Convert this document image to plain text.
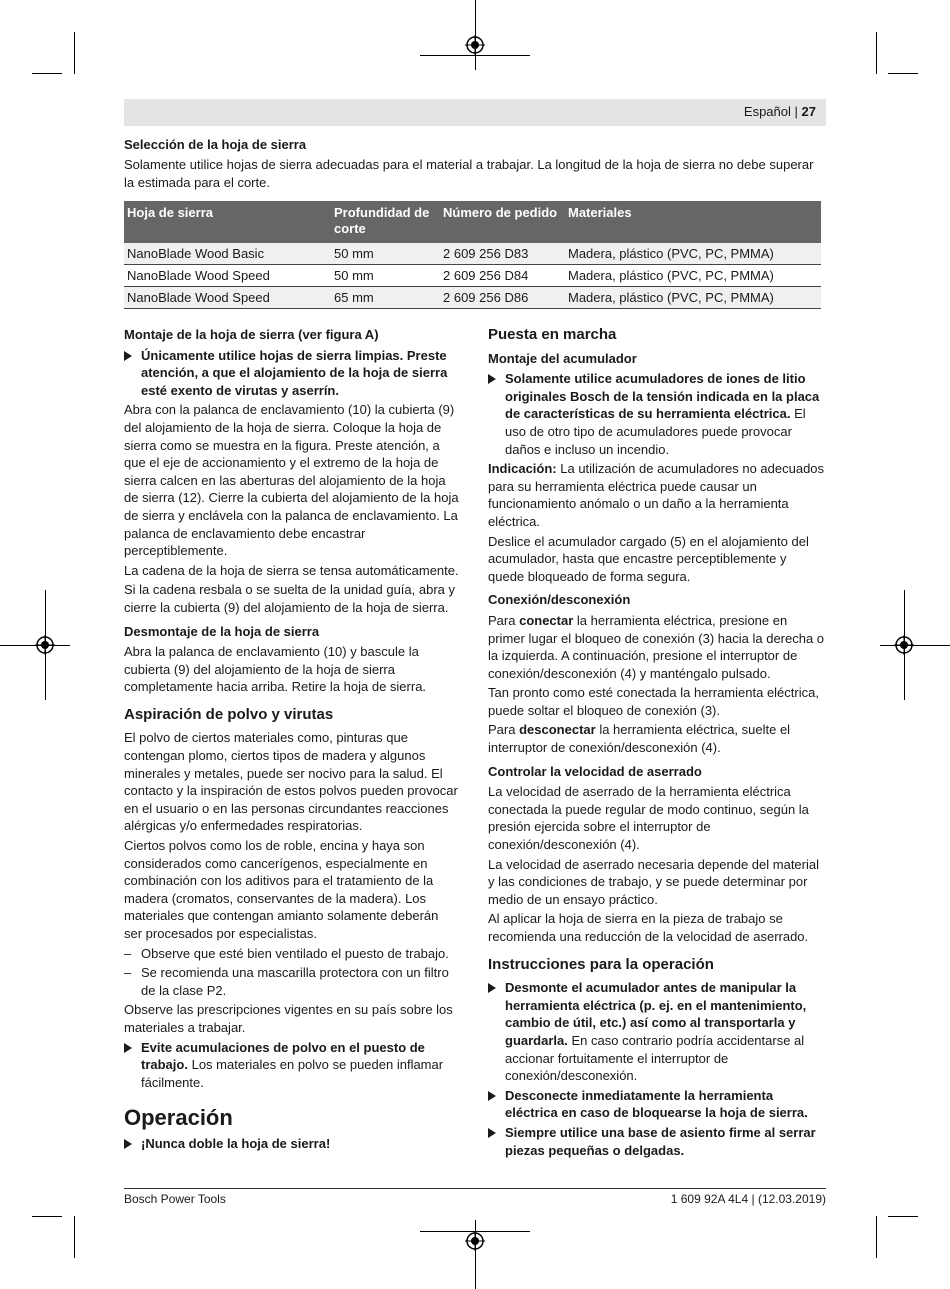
Español | 27
Selección de la hoja de sierra
Solamente utilice hojas de sierra adecuadas para el material a trabajar. La longitud de la hoja de sierra no debe superar la estimada para el corte.
Hoja de sierra	Profundidad de corte	Número de pedido	Materiales
NanoBlade Wood Basic	50 mm	2 609 256 D83	Madera, plástico (PVC, PC, PMMA)
NanoBlade Wood Speed	50 mm	2 609 256 D84	Madera, plástico (PVC, PC, PMMA)
NanoBlade Wood Speed	65 mm	2 609 256 D86	Madera, plástico (PVC, PC, PMMA)

Montaje de la hoja de sierra (ver figura A)

Únicamente utilice hojas de sierra limpias. Preste atención, a que el alojamiento de la hoja de sierra esté exento de virutas y aserrín.

Abra con la palanca de enclavamiento (10) la cubierta (9) del alojamiento de la hoja de sierra. Coloque la hoja de sierra como se muestra en la figura. Preste atención, a que el eje de accionamiento y el extremo de la hoja de sierra calcen en las aberturas del alojamiento de la hoja de sierra (12). Cierre la cubierta del alojamiento de la hoja de sierra y enclávela con la palanca de enclavamiento. La palanca de enclavamiento debe encastrar perceptiblemente.

La cadena de la hoja de sierra se tensa automáticamente.

Si la cadena resbala o se suelta de la unidad guía, abra y cierre la cubierta (9) del alojamiento de la hoja de sierra.

Desmontaje de la hoja de sierra

Abra la palanca de enclavamiento (10) y bascule la cubierta (9) del alojamiento de la hoja de sierra completamente hacia arriba. Retire la hoja de sierra.

Aspiración de polvo y virutas

El polvo de ciertos materiales como, pinturas que contengan plomo, ciertos tipos de madera y algunos minerales y metales, puede ser nocivo para la salud. El contacto y la inspiración de estos polvos pueden provocar en el usuario o en las personas circundantes reacciones alérgicas y/o enfermedades respiratorias.

Ciertos polvos como los de roble, encina y haya son considerados como cancerígenos, especialmente en combinación con los aditivos para el tratamiento de la madera (cromatos, conservantes de la madera). Los materiales que contengan amianto solamente deberán ser procesados por especialistas.

– Observe que esté bien ventilado el puesto de trabajo.
– Se recomienda una mascarilla protectora con un filtro de la clase P2.

Observe las prescripciones vigentes en su país sobre los materiales a trabajar.

Evite acumulaciones de polvo en el puesto de trabajo. Los materiales en polvo se pueden inflamar fácilmente.

Operación

¡Nunca doble la hoja de sierra!

Puesta en marcha

Montaje del acumulador

Solamente utilice acumuladores de iones de litio originales Bosch de la tensión indicada en la placa de características de su herramienta eléctrica. El uso de otro tipo de acumuladores puede provocar daños e incluso un incendio.

Indicación: La utilización de acumuladores no adecuados para su herramienta eléctrica puede causar un funcionamiento anómalo o un daño a la herramienta eléctrica.

Deslice el acumulador cargado (5) en el alojamiento del acumulador, hasta que encastre perceptiblemente y quede bloqueado de forma segura.

Conexión/desconexión

Para conectar la herramienta eléctrica, presione en primer lugar el bloqueo de conexión (3) hacia la derecha o la izquierda. A continuación, presione el interruptor de conexión/desconexión (4) y manténgalo pulsado.

Tan pronto como esté conectada la herramienta eléctrica, puede soltar el bloqueo de conexión (3).

Para desconectar la herramienta eléctrica, suelte el interruptor de conexión/desconexión (4).

Controlar la velocidad de aserrado

La velocidad de aserrado de la herramienta eléctrica conectada la puede regular de modo continuo, según la presión ejercida sobre el interruptor de conexión/desconexión (4).

La velocidad de aserrado necesaria depende del material y las condiciones de trabajo, y se puede determinar por medio de un ensayo práctico.

Al aplicar la hoja de sierra en la pieza de trabajo se recomienda una reducción de la velocidad de aserrado.

Instrucciones para la operación

Desmonte el acumulador antes de manipular la herramienta eléctrica (p. ej. en el mantenimiento, cambio de útil, etc.) así como al transportarla y guardarla. En caso contrario podría accidentarse al accionar fortuitamente el interruptor de conexión/desconexión.
Desconecte inmediatamente la herramienta eléctrica en caso de bloquearse la hoja de sierra.
Siempre utilice una base de asiento firme al serrar piezas pequeñas o delgadas.
Bosch Power Tools	1 609 92A 4L4 | (12.03.2019)
